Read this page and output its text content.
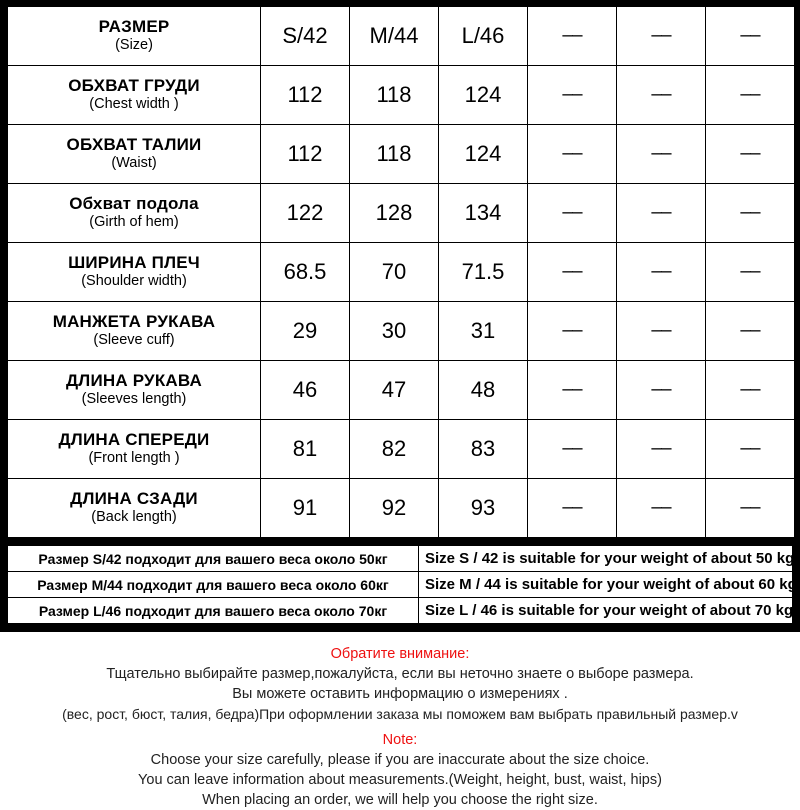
РАЗМЕР
(Size)	S/42	M/44	L/46	––	––	––

ОБХВАТ ГРУДИ
(Chest width )	112	118	124	––	––	––

ОБХВАТ ТАЛИИ
(Waist)	112	118	124	––	––	––

Обхват подола
(Girth of hem)	122	128	134	––	––	––

ШИРИНА ПЛЕЧ
(Shoulder width)	68.5	70	71.5	––	––	––

МАНЖЕТА РУКАВА
(Sleeve cuff)	29	30	31	––	––	––

ДЛИНА РУКАВА
(Sleeves length)	46	47	48	––	––	––

ДЛИНА СПЕРЕДИ
(Front length )	81	82	83	––	––	––

ДЛИНА СЗАДИ
(Back length)	91	92	93	––	––	––
Размер S/42 подходит для вашего веса около 50кг	Size S / 42 is suitable for your weight of about 50 kg
Размер M/44 подходит для вашего веса около 60кг	Size M / 44 is suitable for your weight of about 60 kg
Размер L/46 подходит для вашего веса около 70кг	Size L / 46 is suitable for your weight of about 70 kg
Обратите внимание:
Тщательно выбирайте размер,пожалуйста, если вы неточно знаете о выборе размера.
Вы можете оставить информацию о измерениях .
(вес, рост, бюст, талия, бедра)При оформлении заказа мы поможем вам выбрать правильный размер.v
Note:
Choose your size carefully, please if you are inaccurate about the size choice.
You can leave information about measurements.(Weight, height, bust, waist, hips)
When placing an order, we will help you choose the right size.
